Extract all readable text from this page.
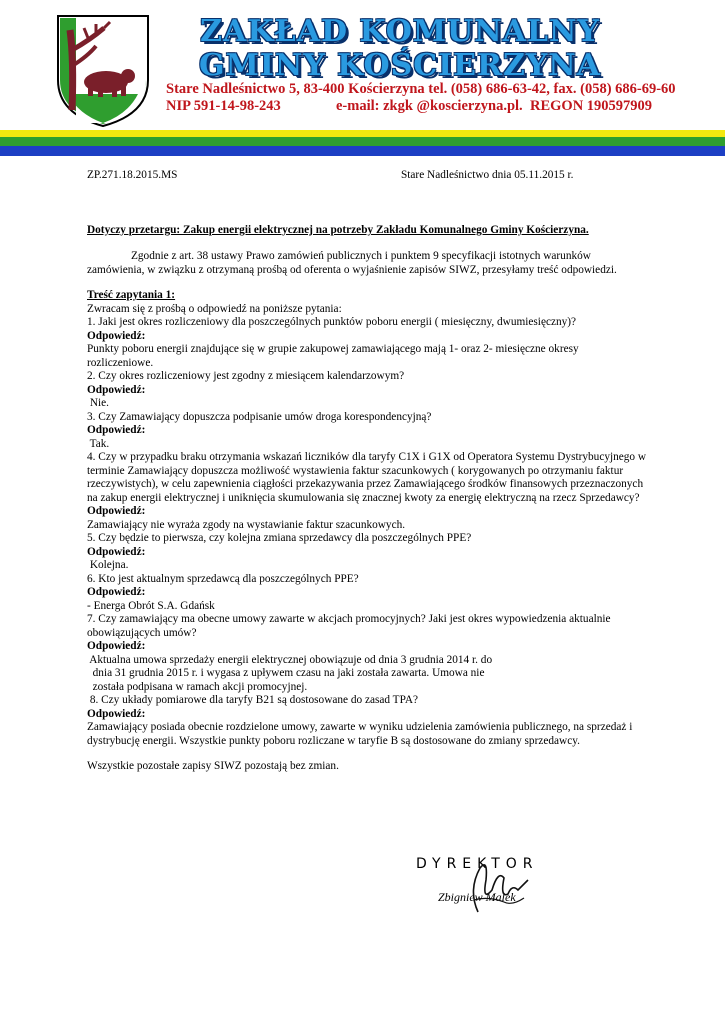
ZAKŁAD KOMUNALNY
GMINY KOŚCIERZYNA
Stare Nadleśnictwo 5, 83-400 Kościerzyna tel. (058) 686-63-42, fax. (058) 686-69-60
NIP 591-14-98-243	e-mail: zkgk @koscierzyna.pl. REGON 190597909
ZP.271.18.2015.MS	Stare Nadleśnictwo dnia 05.11.2015 r.
Dotyczy przetargu: Zakup energii elektrycznej na potrzeby Zakładu Komunalnego Gminy Kościerzyna.

Zgodnie z art. 38 ustawy Prawo zamówień publicznych i punktem 9 specyfikacji istotnych warunków zamówienia, w związku z otrzymaną prośbą od oferenta o wyjaśnienie zapisów SIWZ, przesyłamy treść odpowiedzi.

Treść zapytania 1:

Zwracam się z prośbą o odpowiedź na poniższe pytania:

1. Jaki jest okres rozliczeniowy dla poszczególnych punktów poboru energii ( miesięczny, dwumiesięczny)?

Odpowiedź:

Punkty poboru energii znajdujące się w grupie zakupowej zamawiającego mają 1- oraz 2- miesięczne okresy rozliczeniowe.

2. Czy okres rozliczeniowy jest zgodny z miesiącem kalendarzowym?

Odpowiedź:

Nie.

3. Czy Zamawiający dopuszcza podpisanie umów droga korespondencyjną?

Odpowiedź:

Tak.

4. Czy w przypadku braku otrzymania wskazań liczników dla taryfy C1X i G1X od Operatora Systemu Dystrybucyjnego w terminie Zamawiający dopuszcza możliwość wystawienia faktur szacunkowych ( korygowanych po otrzymaniu faktur rzeczywistych), w celu zapewnienia ciągłości przekazywania przez Zamawiającego środków finansowych przeznaczonych na zakup energii elektrycznej i uniknięcia skumulowania się znacznej kwoty za energię elektryczną na rzecz Sprzedawcy?

Odpowiedź:

Zamawiający nie wyraża zgody na wystawianie faktur szacunkowych.

5. Czy będzie to pierwsza, czy kolejna zmiana sprzedawcy dla poszczególnych PPE?

Odpowiedź:

Kolejna.

6. Kto jest aktualnym sprzedawcą dla poszczególnych PPE?

Odpowiedź:

- Energa Obrót S.A. Gdańsk

7. Czy zamawiający ma obecne umowy zawarte w akcjach promocyjnych? Jaki jest okres wypowiedzenia aktualnie obowiązujących umów?

Odpowiedź:

Aktualna umowa sprzedaży energii elektrycznej obowiązuje od dnia 3 grudnia 2014 r. do
dnia 31 grudnia 2015 r. i wygasa z upływem czasu na jaki została zawarta. Umowa nie
została podpisana w ramach akcji promocyjnej.

8. Czy układy pomiarowe dla taryfy B21 są dostosowane do zasad TPA?

Odpowiedź:

Zamawiający posiada obecnie rozdzielone umowy, zawarte w wyniku udzielenia zamówienia publicznego, na sprzedaż i dystrybucję energii. Wszystkie punkty poboru rozliczane w taryfie B są dostosowane do zmiany sprzedawcy.

Wszystkie pozostałe zapisy SIWZ pozostają bez zmian.

DYREKTOR
Zbigniew Malek
